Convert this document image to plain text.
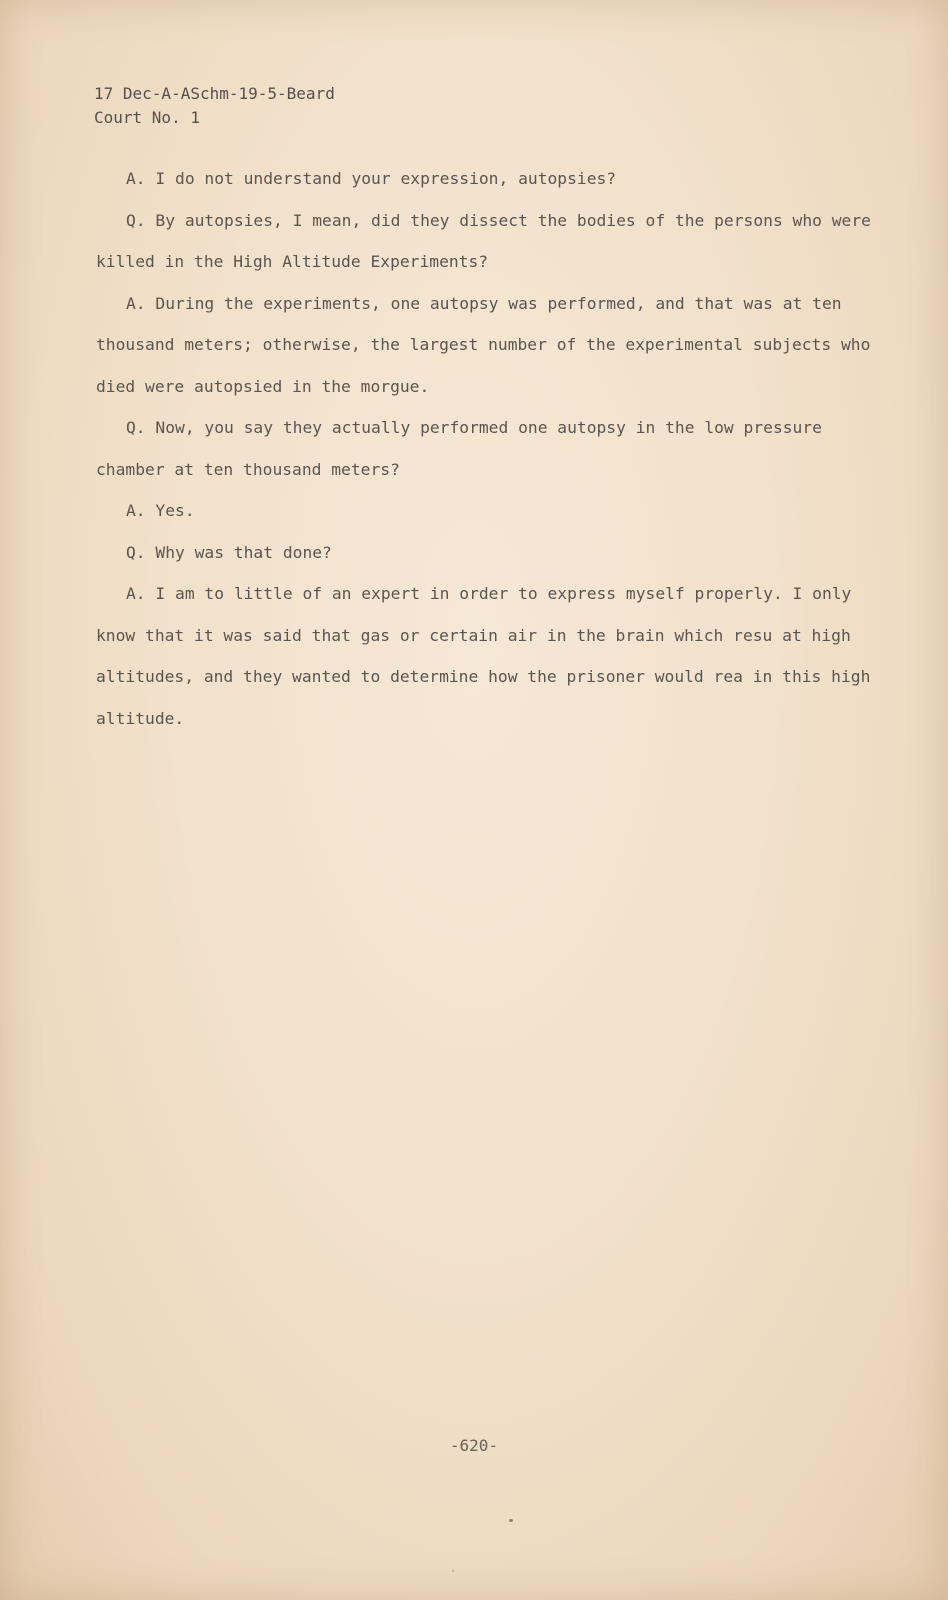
17 Dec-A-ASchm-19-5-Beard
Court No. 1

A. I do not understand your expression, autopsies?

Q. By autopsies, I mean, did they dissect the bodies of the persons who were killed in the High Altitude Experiments?

A. During the experiments, one autopsy was performed, and that was at ten thousand meters; otherwise, the largest number of the experimental subjects who died were autopsied in the morgue.

Q. Now, you say they actually performed one autopsy in the low pressure chamber at ten thousand meters?

A. Yes.

Q. Why was that done?

A. I am to little of an expert in order to express myself properly. I only know that it was said that gas or certain air in the brain which resu at high altitudes, and they wanted to determine how the prisoner would rea in this high altitude.

-620-
